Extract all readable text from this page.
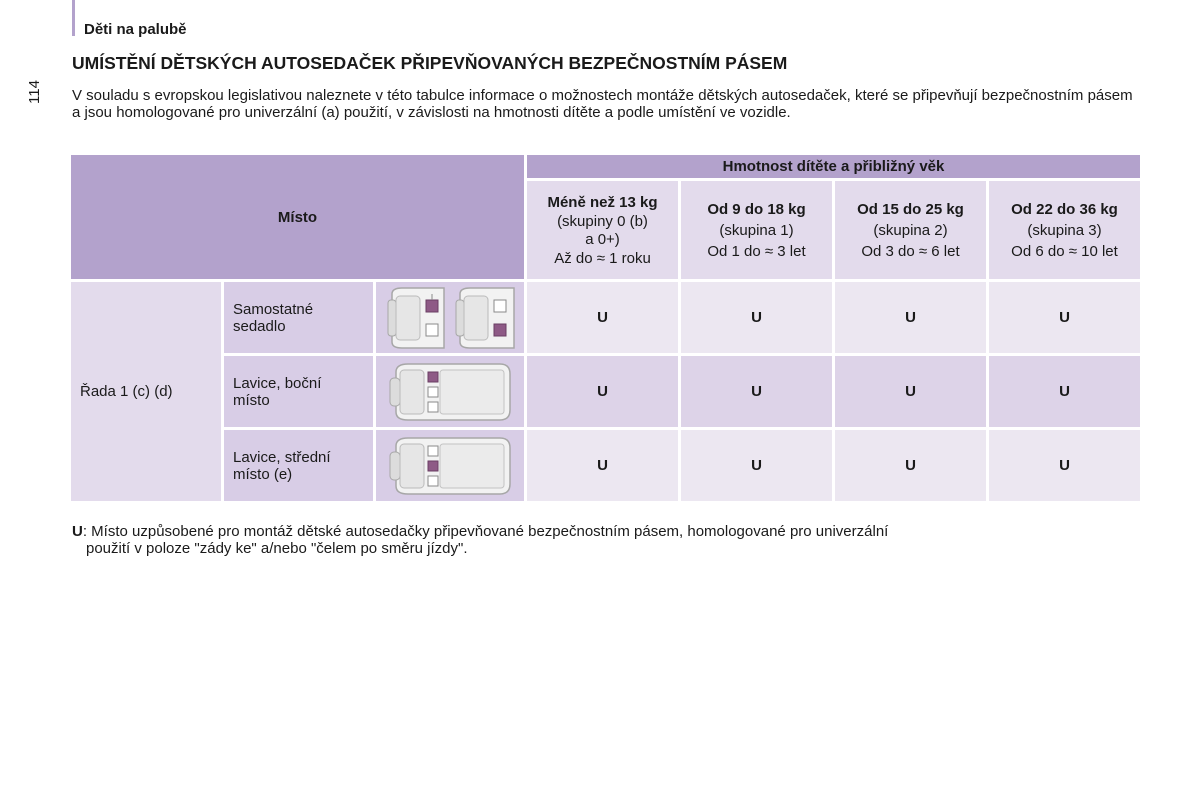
Děti na palubě
114
UMÍSTĚNÍ DĚTSKÝCH AUTOSEDAČEK PŘIPEVŇOVANÝCH BEZPEČNOSTNÍM PÁSEM

V souladu s evropskou legislativou naleznete v této tabulce informace o možnostech montáže dětských autosedaček, které se připevňují bezpečnostním pásem a jsou homologované pro univerzální (a) použití, v závislosti na hmotnosti dítěte a podle umístění ve vozidle.

Místo			Hmotnost dítěte a přibližný věk			

			Méně než 13 kg
(skupiny 0 (b)
a 0+)
Až do ≈ 1 roku	Od 9 do 18 kg
(skupina 1)
Od 1 do ≈ 3 let	Od 15 do 25 kg
(skupina 2)
Od 3 do ≈ 6 let	Od 22 do 36 kg
(skupina 3)
Od 6 do ≈ 10 let

Řada 1 (c) (d)	Samostatné
sedadlo		U	U	U	U

	Lavice, boční
místo		U	U	U	U

	Lavice, střední
místo (e)		U	U	U	U
U: Místo uzpůsobené pro montáž dětské autosedačky připevňované bezpečnostním pásem, homologované pro univerzální
použití v poloze "zády ke" a/nebo "čelem po směru jízdy".
